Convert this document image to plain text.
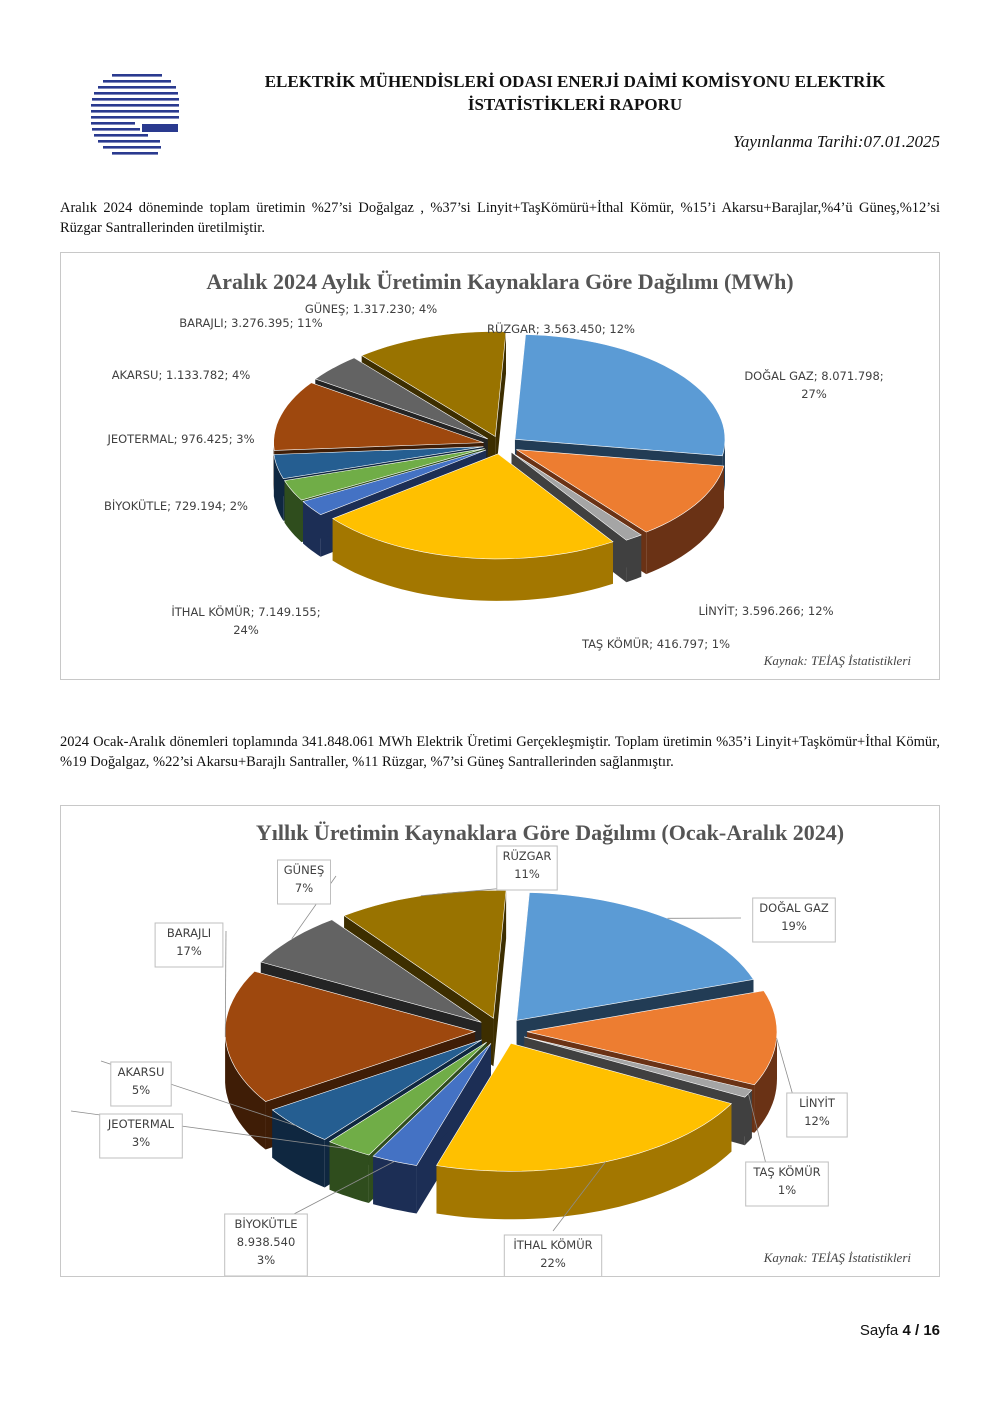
ELEKTRİK MÜHENDİSLERİ ODASI ENERJİ DAİMİ KOMİSYONU ELEKTRİK
İSTATİSTİKLERİ RAPORU
Yayınlanma Tarihi:07.01.2025
Aralık 2024 döneminde toplam üretimin %27’si Doğalgaz , %37’si Linyit+TaşKömürü+İthal Kömür, %15’i Akarsu+Barajlar,%4’ü Güneş,%12’si Rüzgar Santrallerinden üretilmiştir.
Aralık 2024 Aylık Üretimin Kaynaklara Göre Dağılımı (MWh)
DOĞAL GAZ; 8.071.798;
27%
LİNYİT; 3.596.266; 12%
TAŞ KÖMÜR; 416.797; 1%
İTHAL KÖMÜR; 7.149.155;
24%
BİYOKÜTLE; 729.194; 2%
JEOTERMAL; 976.425; 3%
AKARSU; 1.133.782; 4%
BARAJLI; 3.276.395; 11%
GÜNEŞ; 1.317.230; 4%
RÜZGAR; 3.563.450; 12%
Kaynak: TEİAŞ İstatistikleri
2024 Ocak-Aralık dönemleri toplamında 341.848.061 MWh Elektrik Üretimi Gerçekleşmiştir. Toplam üretimin %35’i Linyit+Taşkömür+İthal Kömür, %19 Doğalgaz, %22’si Akarsu+Barajlı Santraller, %11 Rüzgar, %7’si Güneş Santrallerinden sağlanmıştır.
Yıllık Üretimin Kaynaklara Göre Dağılımı (Ocak-Aralık 2024)
DOĞAL GAZ
19%
LİNYİT
12%
TAŞ KÖMÜR
1%
İTHAL KÖMÜR
22%
BİYOKÜTLE
8.938.540
3%
JEOTERMAL
3%
AKARSU
5%
BARAJLI
17%
GÜNEŞ
7%
RÜZGAR
11%
Kaynak: TEİAŞ İstatistikleri
Sayfa 4 / 16
